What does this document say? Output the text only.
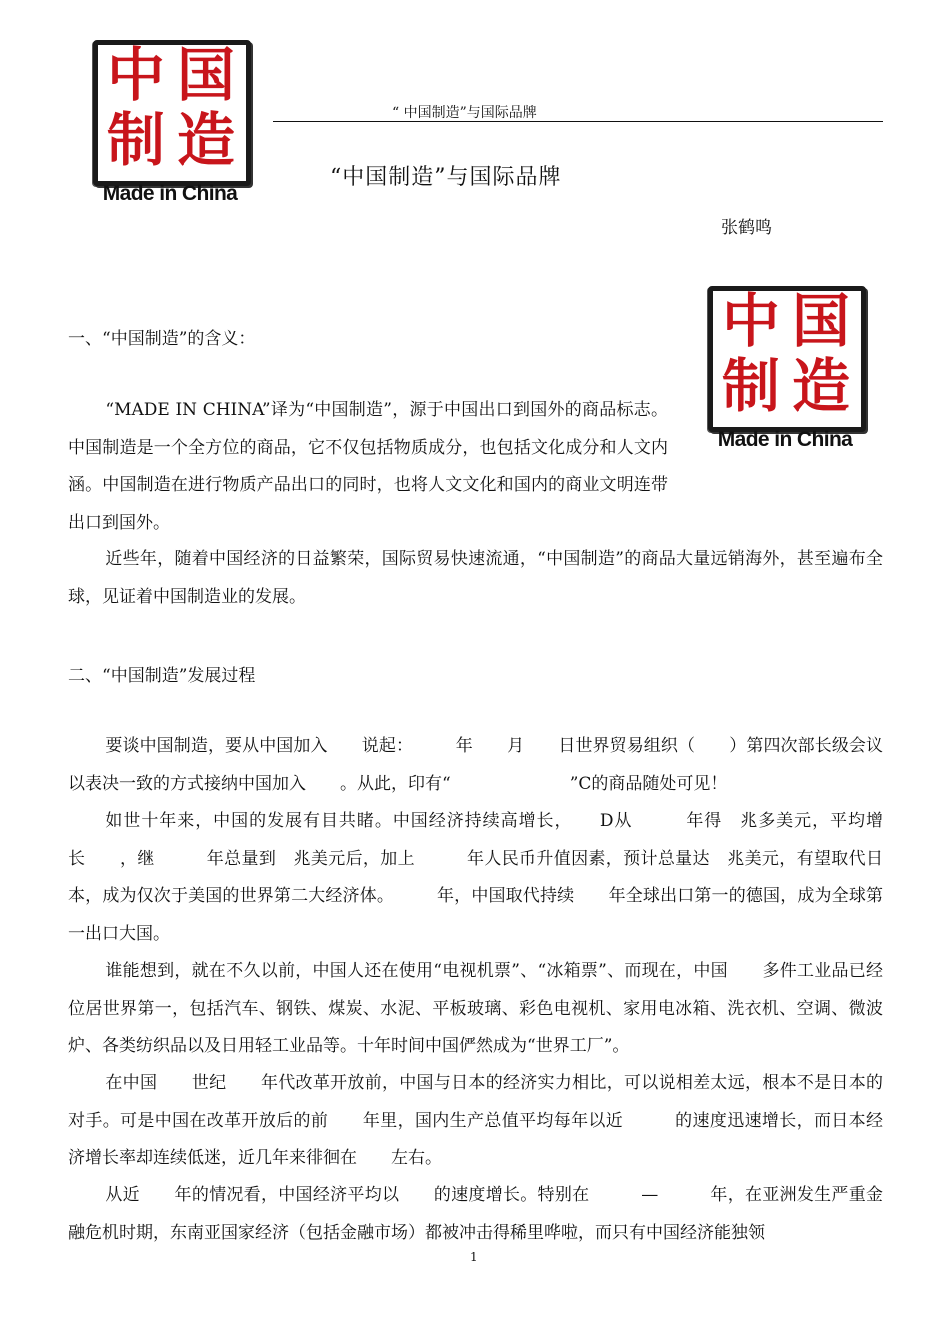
中 国
制 造
Made in China
“ 中国制造”与国际品牌
“中国制造”与国际品牌
张鹤鸣
中 国
制 造
Made in China
一、“中国制造”的含义：
“MADE IN CHINA”译为“中国制造”，源于中国出口到国外的商品标志。中国制造是一个全方位的商品，它不仅包括物质成分，也包括文化成分和人文内涵。中国制造在进行物质产品出口的同时，也将人文文化和国内的商业文明连带出口到国外。
近些年，随着中国经济的日益繁荣，国际贸易快速流通，“中国制造”的商品大量远销海外，甚至遍布全球，见证着中国制造业的发展。
二、“中国制造”发展过程
要谈中国制造，要从中国加入　　说起：　　　年　　月　　日世界贸易组织（　　）第四次部长级会议以表决一致的方式接纳中国加入　　。从此，印有“　　　　　　　”C的商品随处可见！
如世十年来，中国的发展有目共睹。中国经济持续高增长，　　D从　　　年得　兆多美元，平均增长　　，继　　　年总量到　兆美元后，加上　　　年人民币升值因素，预计总量达　兆美元，有望取代日本，成为仅次于美国的世界第二大经济体。　　　年，中国取代持续　　年全球出口第一的德国，成为全球第一出口大国。
谁能想到，就在不久以前，中国人还在使用“电视机票”、“冰箱票”、而现在，中国　　多件工业品已经位居世界第一，包括汽车、钢铁、煤炭、水泥、平板玻璃、彩色电视机、家用电冰箱、洗衣机、空调、微波炉、各类纺织品以及日用轻工业品等。十年时间中国俨然成为“世界工厂”。
在中国　　世纪　　年代改革开放前，中国与日本的经济实力相比，可以说相差太远，根本不是日本的对手。可是中国在改革开放后的前　　年里，国内生产总值平均每年以近　　　的速度迅速增长，而日本经济增长率却连续低迷，近几年来徘徊在　　左右。
从近　　年的情况看，中国经济平均以　　的速度增长。特别在　　　—　　　年，在亚洲发生严重金融危机时期，东南亚国家经济（包括金融市场）都被冲击得稀里哗啦，而只有中国经济能独领
1
